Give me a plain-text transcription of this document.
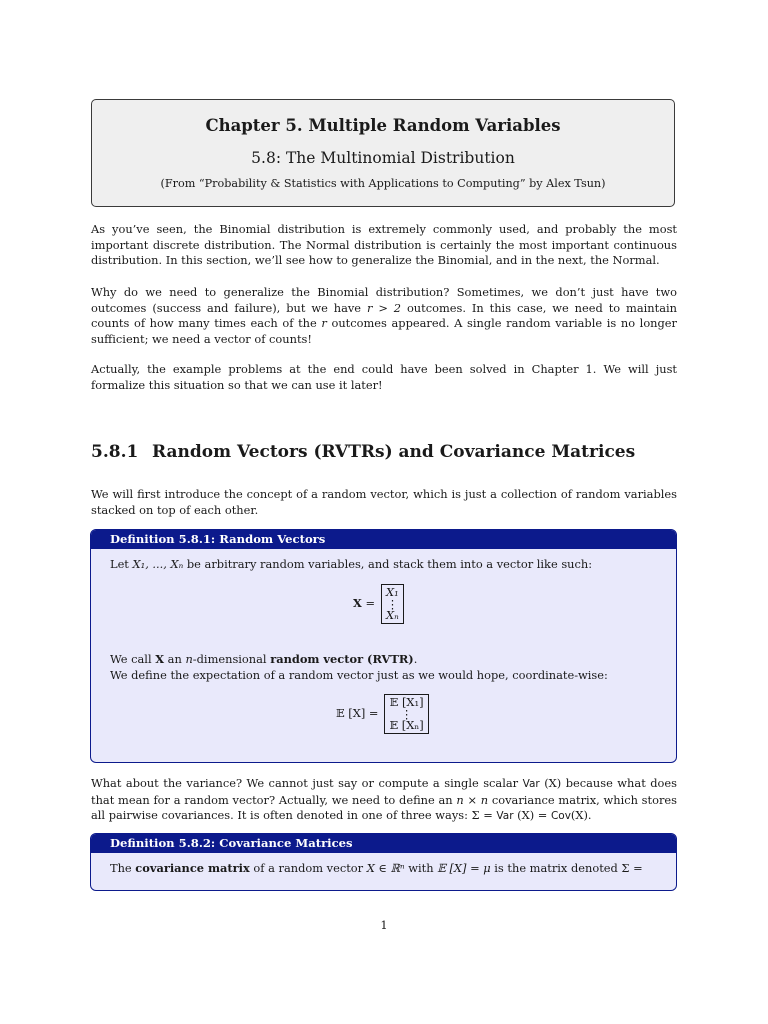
Chapter 5. Multiple Random Variables
5.8: The Multinomial Distribution
(From “Probability & Statistics with Applications to Computing” by Alex Tsun)

As you’ve seen, the Binomial distribution is extremely commonly used, and probably the most important discrete distribution. The Normal distribution is certainly the most important continuous distribution. In this section, we’ll see how to generalize the Binomial, and in the next, the Normal.

Why do we need to generalize the Binomial distribution? Sometimes, we don’t just have two outcomes (success and failure), but we have r > 2 outcomes. In this case, we need to maintain counts of how many times each of the r outcomes appeared. A single random variable is no longer sufficient; we need a vector of counts!

Actually, the example problems at the end could have been solved in Chapter 1. We will just formalize this situation so that we can use it later!

5.8.1 Random Vectors (RVTRs) and Covariance Matrices

We will first introduce the concept of a random vector, which is just a collection of random variables stacked on top of each other.

Definition 5.8.1: Random Vectors
Let X₁, ..., Xₙ be arbitrary random variables, and stack them into a vector like such:
X =
X₁
⋮
Xₙ
We call X an n-dimensional random vector (RVTR).
We define the expectation of a random vector just as we would hope, coordinate-wise:
𝔼 [X] =
𝔼 [X₁]
⋮
𝔼 [Xₙ]

What about the variance? We cannot just say or compute a single scalar Var (X) because what does that mean for a random vector? Actually, we need to define an n × n covariance matrix, which stores all pairwise covariances. It is often denoted in one of three ways: Σ = Var (X) = Cov(X).

Definition 5.8.2: Covariance Matrices
The covariance matrix of a random vector X ∈ ℝⁿ with 𝔼 [X] = μ is the matrix denoted Σ =
1
